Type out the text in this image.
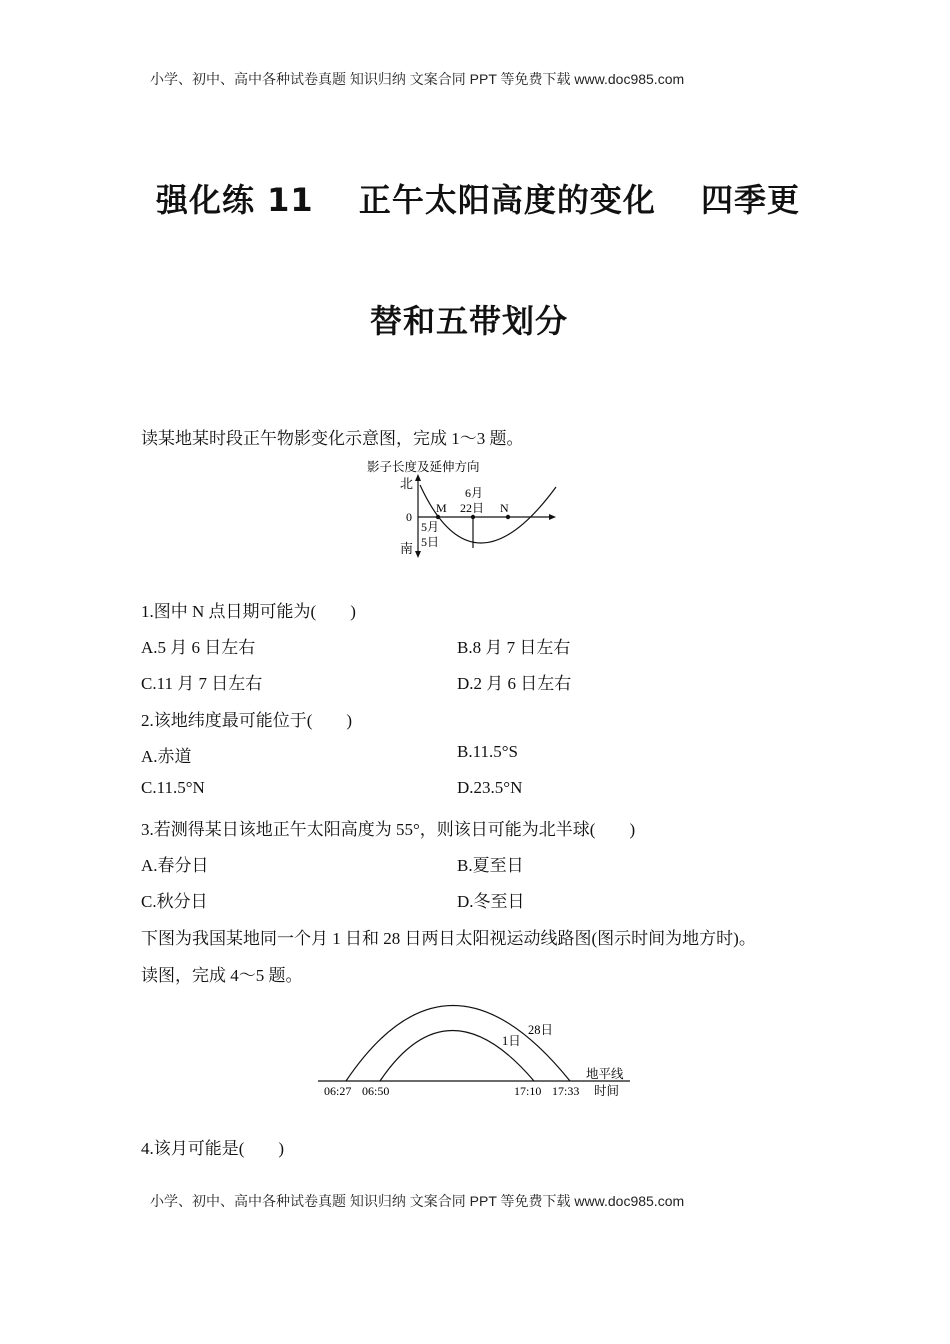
小学、初中、高中各种试卷真题 知识归纳 文案合同 PPT 等免费下载 www.doc985.com
强化练 11　 正午太阳高度的变化　 四季更
替和五带划分
读某地某时段正午物影变化示意图，完成 1～3 题。
影子长度及延伸方向
北
0
南
M
6月
22日 N
5月
5日
1.图中 N 点日期可能为(　　)
A.5 月 6 日左右	B.8 月 7 日左右
C.11 月 7 日左右	D.2 月 6 日左右
2.该地纬度最可能位于(　　)
A.赤道	B.11.5°S
C.11.5°N	D.23.5°N
3.若测得某日该地正午太阳高度为 55°，则该日可能为北半球(　　)
A.春分日	B.夏至日
C.秋分日	D.冬至日
下图为我国某地同一个月 1 日和 28 日两日太阳视运动线路图(图示时间为地方时)。
读图，完成 4～5 题。
28日
1日
地平线
06:27 06:50	17:10 17:33 时间
4.该月可能是(　　)
小学、初中、高中各种试卷真题 知识归纳 文案合同 PPT 等免费下载 www.doc985.com
